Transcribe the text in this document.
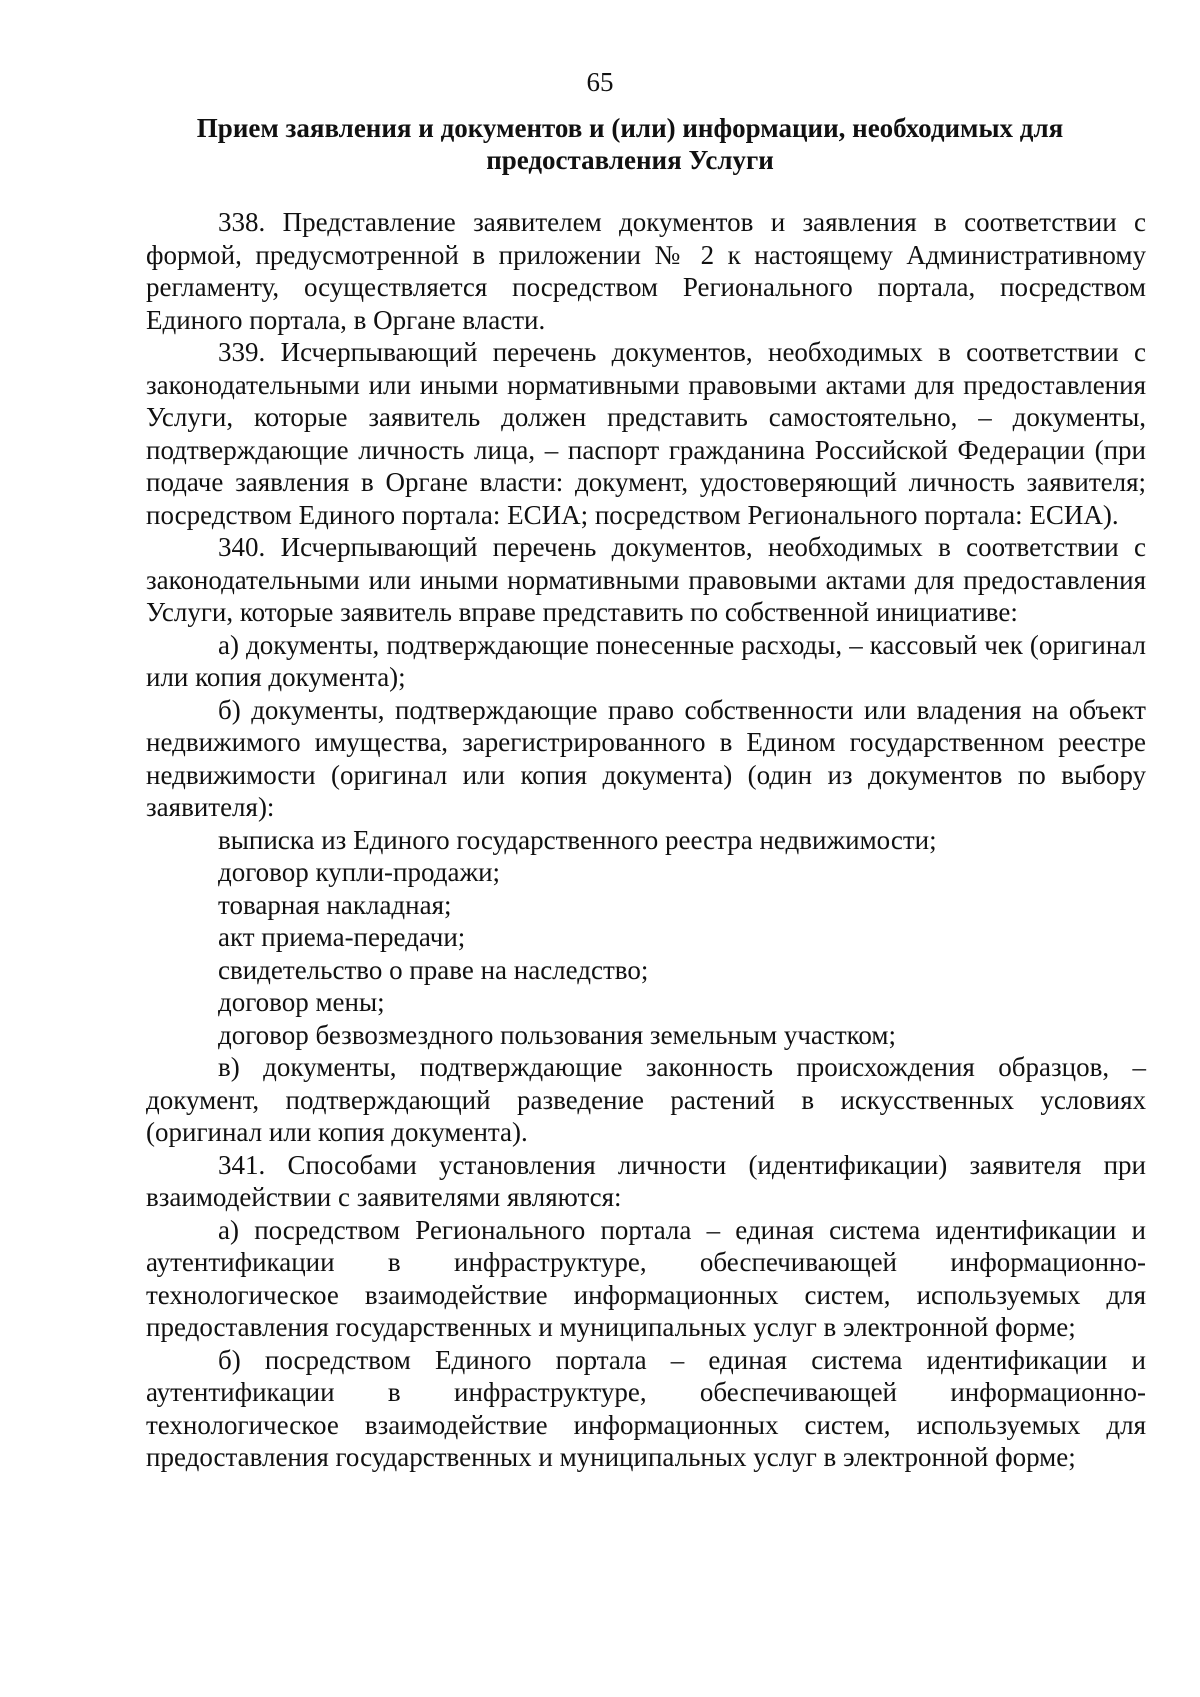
65
Прием заявления и документов и (или) информации, необходимых для
предоставления Услуги

338. Представление заявителем документов и заявления в соответствии с формой, предусмотренной в приложении № 2 к настоящему Административному регламенту, осуществляется посредством Регионального портала, посредством Единого портала, в Органе власти.

339. Исчерпывающий перечень документов, необходимых в соответствии с законодательными или иными нормативными правовыми актами для предоставления Услуги, которые заявитель должен представить самостоятельно, – документы, подтверждающие личность лица, – паспорт гражданина Российской Федерации (при подаче заявления в Органе власти: документ, удостоверяющий личность заявителя; посредством Единого портала: ЕСИА; посредством Регионального портала: ЕСИА).

340. Исчерпывающий перечень документов, необходимых в соответствии с законодательными или иными нормативными правовыми актами для предоставления Услуги, которые заявитель вправе представить по собственной инициативе:

а) документы, подтверждающие понесенные расходы, – кассовый чек (оригинал или копия документа);

б) документы, подтверждающие право собственности или владения на объект недвижимого имущества, зарегистрированного в Едином государственном реестре недвижимости (оригинал или копия документа) (один из документов по выбору заявителя):

выписка из Единого государственного реестра недвижимости;

договор купли-продажи;

товарная накладная;

акт приема-передачи;

свидетельство о праве на наследство;

договор мены;

договор безвозмездного пользования земельным участком;

в) документы, подтверждающие законность происхождения образцов, – документ, подтверждающий разведение растений в искусственных условиях (оригинал или копия документа).

341. Способами установления личности (идентификации) заявителя при взаимодействии с заявителями являются:

а) посредством Регионального портала – единая система идентификации и аутентификации в инфраструктуре, обеспечивающей информационно-технологическое взаимодействие информационных систем, используемых для предоставления государственных и муниципальных услуг в электронной форме;

б) посредством Единого портала – единая система идентификации и аутентификации в инфраструктуре, обеспечивающей информационно-технологическое взаимодействие информационных систем, используемых для предоставления государственных и муниципальных услуг в электронной форме;
